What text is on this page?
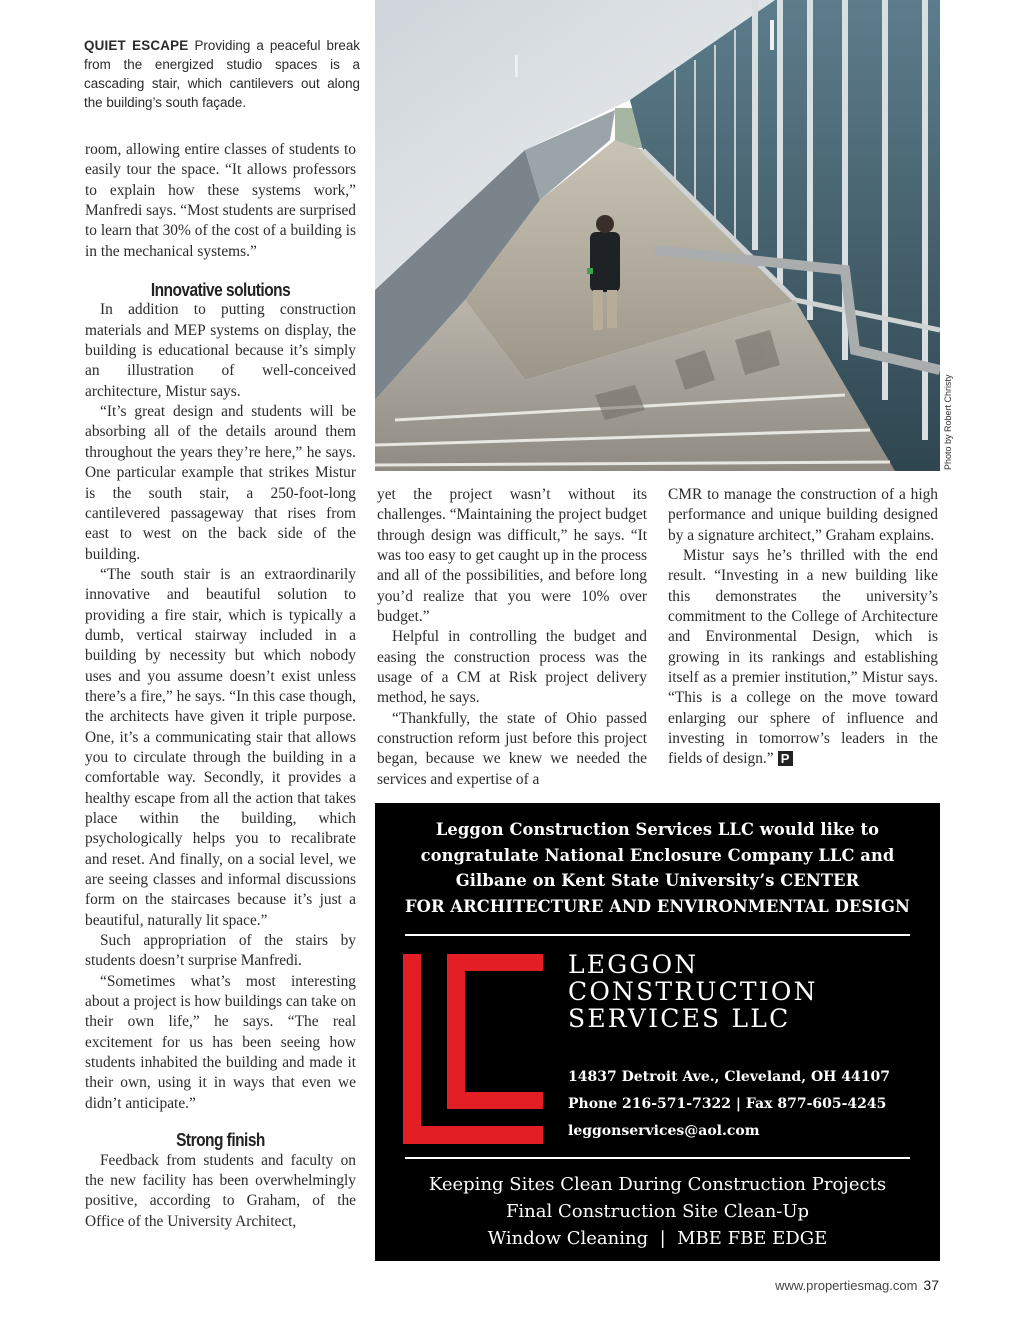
QUIET ESCAPE Providing a peaceful break from the energized studio spaces is a cascading stair, which cantilevers out along the building’s south façade.

room, allowing entire classes of students to easily tour the space. “It allows professors to explain how these systems work,” Manfredi says. “Most students are surprised to learn that 30% of the cost of a building is in the mechanical systems.”

Innovative solutions

In addition to putting construction materials and MEP systems on display, the building is educational because it’s simply an illustration of well-conceived architecture, Mistur says.

“It’s great design and students will be absorbing all of the details around them throughout the years they’re here,” he says. One particular example that strikes Mistur is the south stair, a 250-foot-long cantilevered passageway that rises from east to west on the back side of the building.

“The south stair is an extraordinarily innovative and beautiful solution to providing a fire stair, which is typically a dumb, vertical stairway included in a building by necessity but which nobody uses and you assume doesn’t exist unless there’s a fire,” he says. “In this case though, the architects have given it triple purpose. One, it’s a communicating stair that allows you to circulate through the building in a comfortable way. Secondly, it provides a healthy escape from all the action that takes place within the building, which psychologically helps you to recalibrate and reset. And finally, on a social level, we are seeing classes and informal discussions form on the staircases because it’s just a beautiful, naturally lit space.”

Such appropriation of the stairs by students doesn’t surprise Manfredi.

“Sometimes what’s most interesting about a project is how buildings can take on their own life,” he says. “The real excitement for us has been seeing how students inhabited the building and made it their own, using it in ways that even we didn’t anticipate.”

Strong finish

Feedback from students and faculty on the new facility has been overwhelmingly positive, according to Graham, of the Office of the University Architect,

Photo by Robert Christy

yet the project wasn’t without its challenges. “Maintaining the project budget through design was difficult,” he says. “It was too easy to get caught up in the process and all of the possibilities, and before long you’d realize that you were 10% over budget.”

Helpful in controlling the budget and easing the construction process was the usage of a CM at Risk project delivery method, he says.

“Thankfully, the state of Ohio passed construction reform just before this project began, because we knew we needed the services and expertise of a

CMR to manage the construction of a high performance and unique building designed by a signature architect,” Graham explains.

Mistur says he’s thrilled with the end result. “Investing in a new building like this demonstrates the university’s commitment to the College of Architecture and Environmental Design, which is growing in its rankings and establishing itself as a premier institution,” Mistur says. “This is a college on the move toward enlarging our sphere of influence and investing in tomorrow’s leaders in the fields of design.” P

Leggon Construction Services LLC would like to
congratulate National Enclosure Company LLC and
Gilbane on Kent State University’s CENTER
FOR ARCHITECTURE AND ENVIRONMENTAL DESIGN
LEGGON
CONSTRUCTION
SERVICES LLC
14837 Detroit Ave., Cleveland, OH 44107
Phone 216-571-7322 | Fax 877-605-4245
leggonservices@aol.com
Keeping Sites Clean During Construction Projects
Final Construction Site Clean-Up
Window Cleaning  |  MBE FBE EDGE
www.propertiesmag.com 37
